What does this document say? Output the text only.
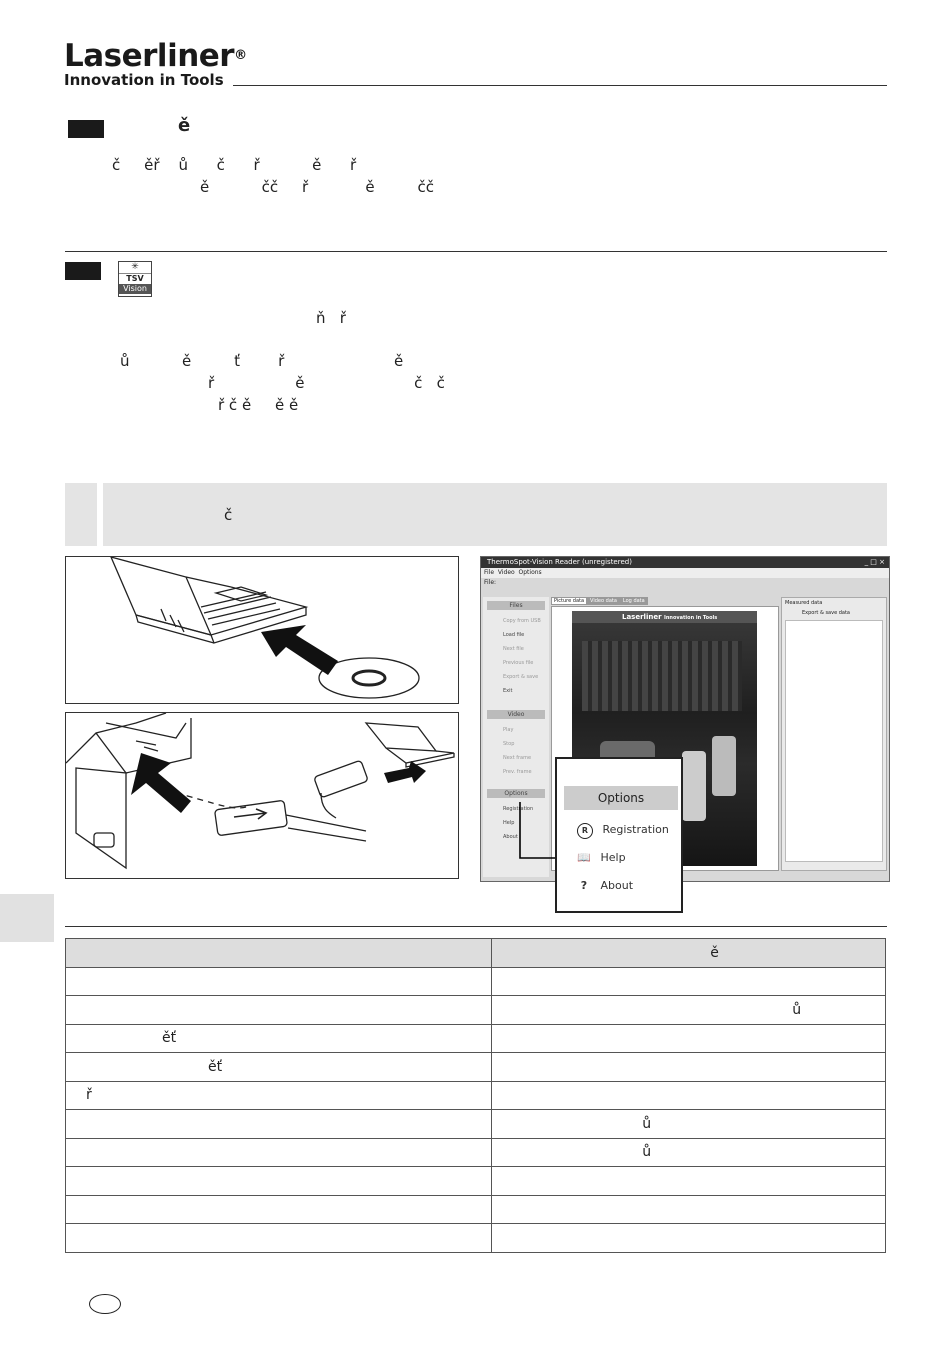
Laserliner®
Innovation in Tools
ě
č     ěř    ů      č      ř           ě      ř
ě           čč     ř            ě         čč
✳
TSV
Vision
ň   ř
ů           ě         ť        ř                       ě
ř                 ě                       č   č
ř č ě     ě ě
č
ThermoSpot-Vision Reader (unregistered)	_ □ ×
File Video Options
File:
Files
Copy from USB
Load file
Next file
Previous file
Export & save
Exit
Video
Play
Stop
Next frame
Prev. frame
Options
Registration
Help
About
Picture data Video data Log data
Laserliner Innovation in Tools
Measured data
Export & save data
Options
R Registration
📖 Help
? About
	ě

	ů
ěť	
ěť	
ř	
	ů
	ů
